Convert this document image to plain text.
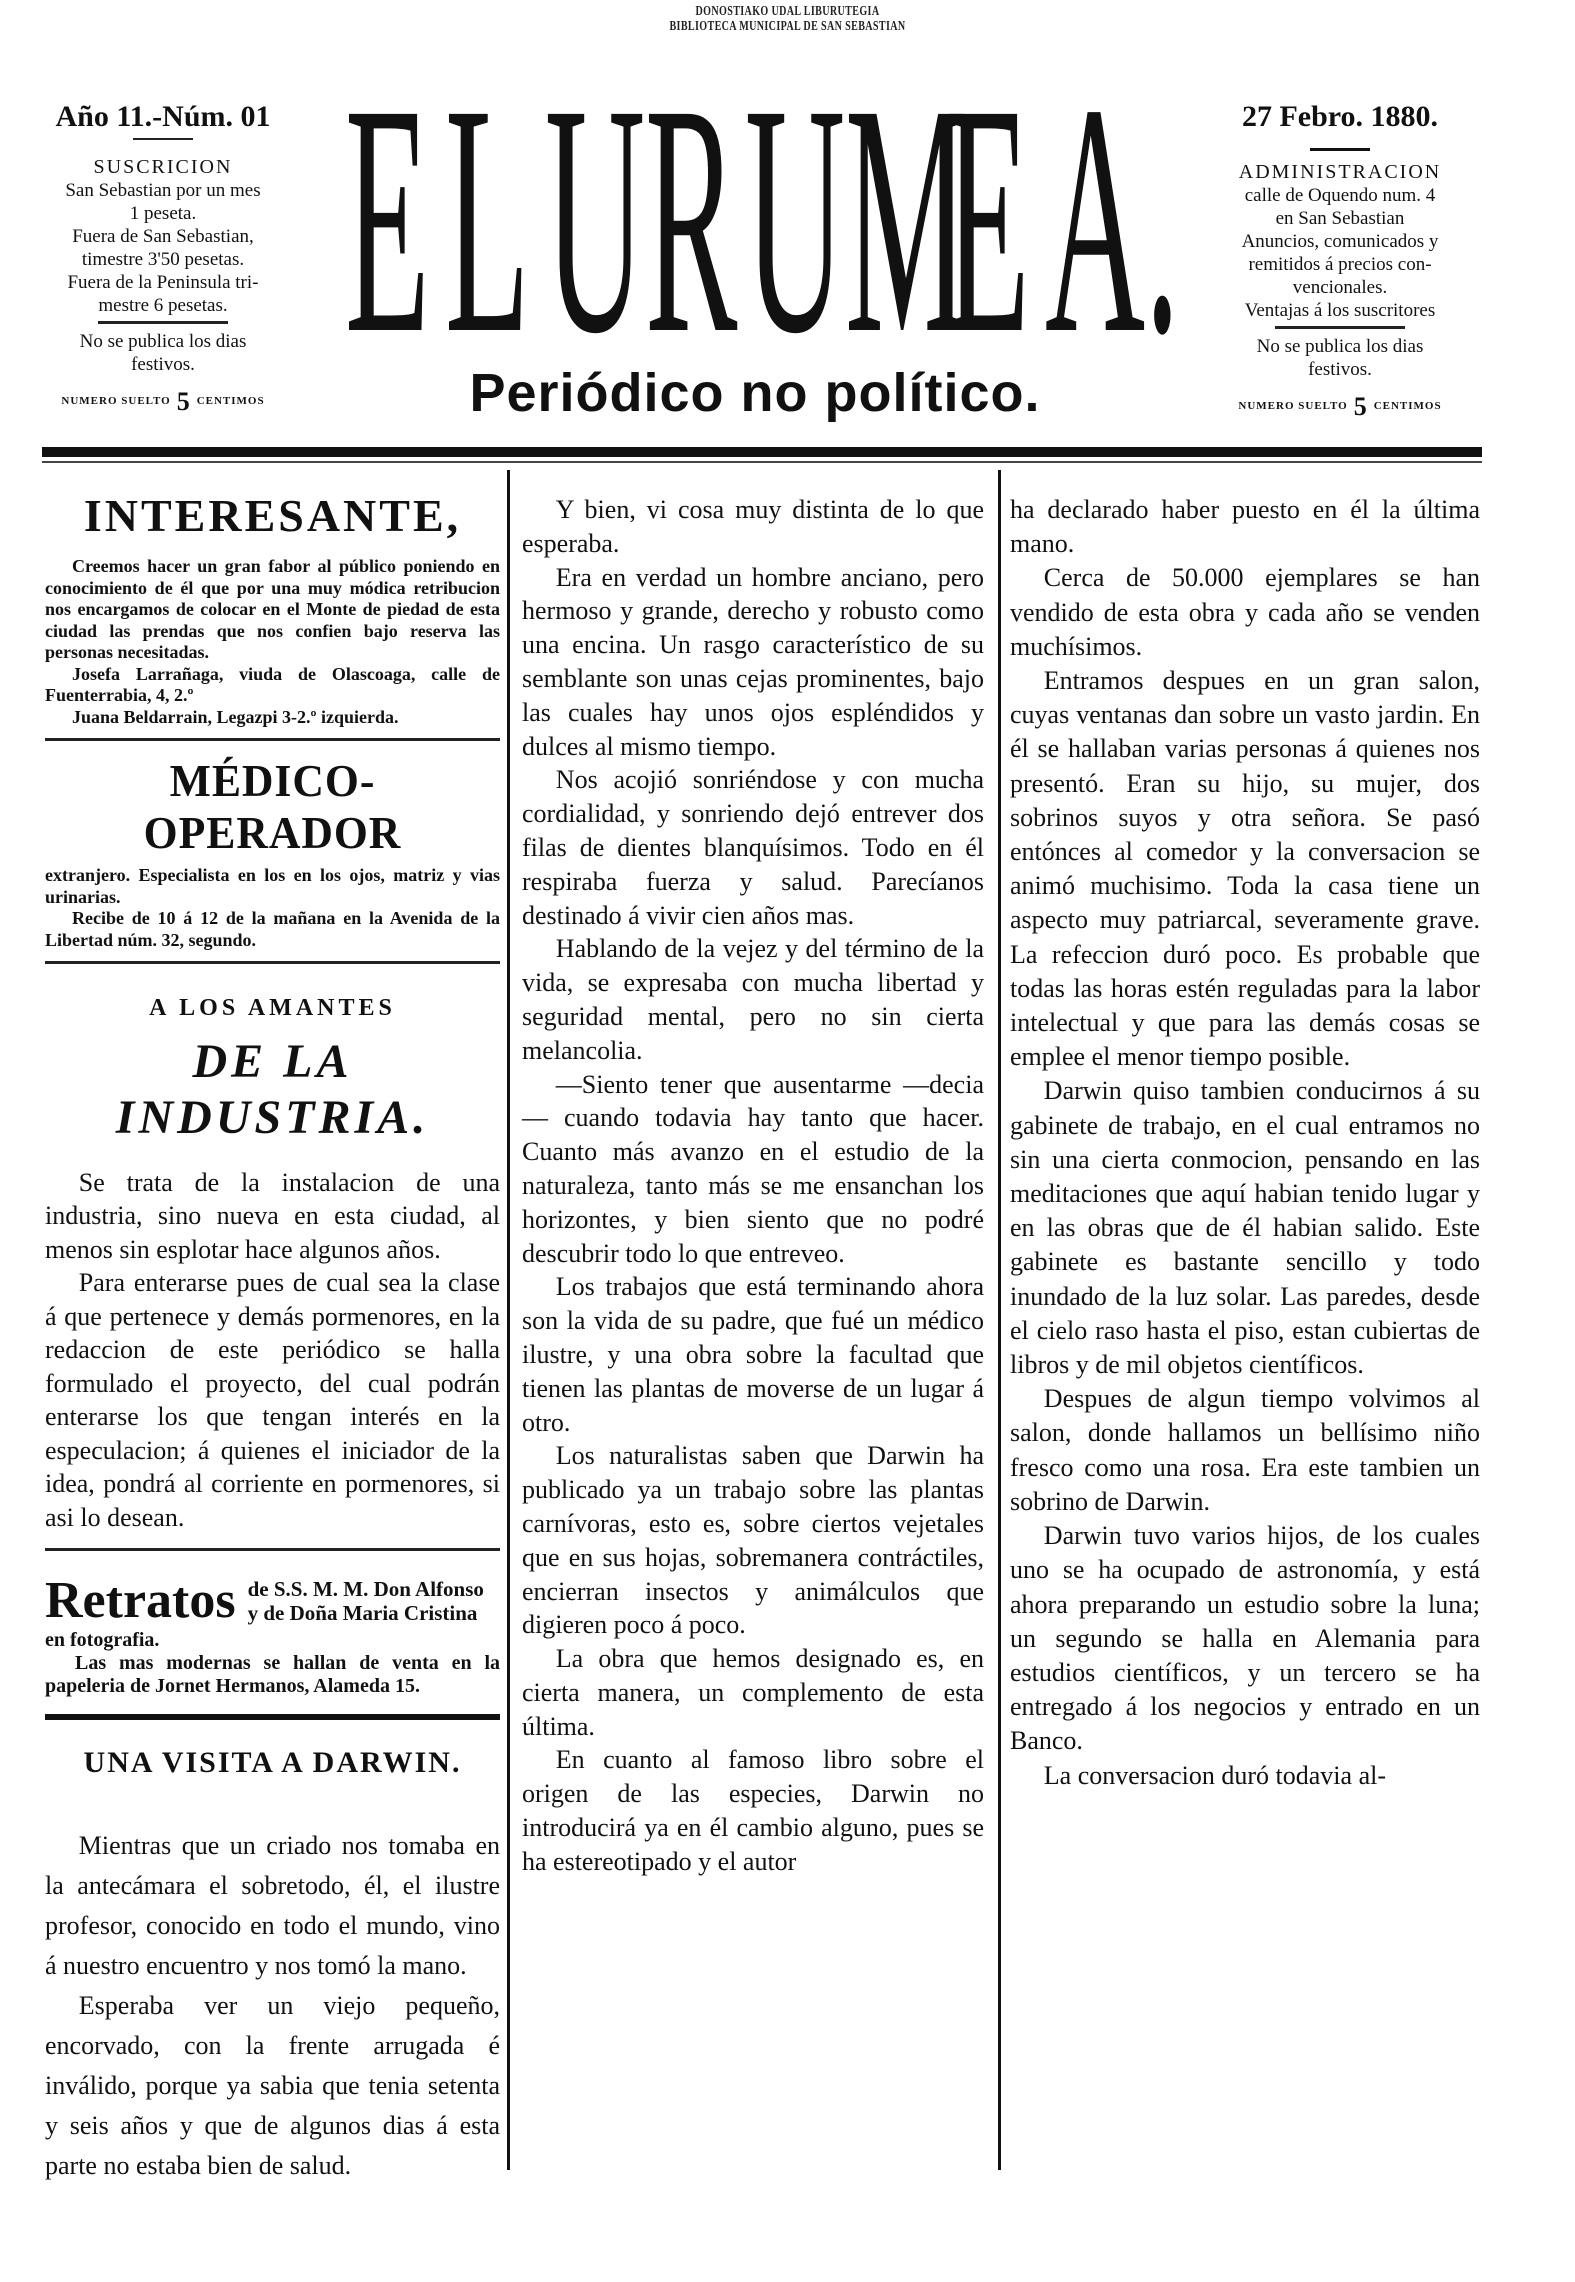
DONOSTIAKO UDAL LIBURUTEGIA
BIBLIOTECA MUNICIPAL DE SAN SEBASTIAN
Año 11.-Núm. 01
SUSCRICION

San Sebastian por un mes

1 peseta.

Fuera de San Sebastian,

timestre 3'50 pesetas.

Fuera de la Peninsula tri-

mestre 6 pesetas.

No se publica los dias

festivos.

NUMERO SUELTO 5 CENTIMOS E L U R U M
E A .
Periódico no político.
27 Febro. 1880.
ADMINISTRACION

calle de Oquendo num. 4

en San Sebastian

Anuncios, comunicados y

remitidos á precios con-

vencionales.

Ventajas á los suscritores

No se publica los dias

festivos.

NUMERO SUELTO 5 CENTIMOS
INTERESANTE,

Creemos hacer un gran fabor al público poniendo en conocimiento de él que por una muy módica retribucion nos encargamos de colocar en el Monte de piedad de esta ciudad las prendas que nos confien bajo reserva las personas necesitadas.

Josefa Larrañaga, viuda de Olascoaga, calle de Fuenterrabia, 4, 2.º

Juana Beldarrain, Legazpi 3-2.º izquierda.

MÉDICO-OPERADOR

extranjero. Especialista en los en los ojos, matriz y vias urinarias.

Recibe de 10 á 12 de la mañana en la Avenida de la Libertad núm. 32, segundo.

A LOS AMANTES
DE LA INDUSTRIA.

Se trata de la instalacion de una industria, sino nueva en esta ciudad, al menos sin esplotar hace algunos años.

Para enterarse pues de cual sea la clase á que pertenece y demás pormenores, en la redaccion de este periódico se halla formulado el proyecto, del cual podrán enterarse los que tengan interés en la especulacion; á quienes el iniciador de la idea, pondrá al corriente en pormenores, si asi lo desean.

Retratos de S.S. M. M. Don Alfonso
y de Doña Maria Cristina

en fotografia.

Las mas modernas se hallan de venta en la papeleria de Jornet Hermanos, Alameda 15.

UNA VISITA A DARWIN.

Mientras que un criado nos tomaba en la antecámara el sobretodo, él, el ilustre profesor, conocido en todo el mundo, vino á nuestro encuentro y nos tomó la mano.

Esperaba ver un viejo pequeño, encorvado, con la frente arrugada é inválido, porque ya sabia que tenia setenta y seis años y que de algunos dias á esta parte no estaba bien de salud.

Y bien, vi cosa muy distinta de lo que esperaba.

Era en verdad un hombre anciano, pero hermoso y grande, derecho y robusto como una encina. Un rasgo característico de su semblante son unas cejas prominentes, bajo las cuales hay unos ojos espléndidos y dulces al mismo tiempo.

Nos acojió sonriéndose y con mucha cordialidad, y sonriendo dejó entrever dos filas de dientes blanquísimos. Todo en él respiraba fuerza y salud. Parecíanos destinado á vivir cien años mas.

Hablando de la vejez y del término de la vida, se expresaba con mucha libertad y seguridad mental, pero no sin cierta melancolia.

—Siento tener que ausentarme —decia— cuando todavia hay tanto que hacer. Cuanto más avanzo en el estudio de la naturaleza, tanto más se me ensanchan los horizontes, y bien siento que no podré descubrir todo lo que entreveo.

Los trabajos que está terminando ahora son la vida de su padre, que fué un médico ilustre, y una obra sobre la facultad que tienen las plantas de moverse de un lugar á otro.

Los naturalistas saben que Darwin ha publicado ya un trabajo sobre las plantas carnívoras, esto es, sobre ciertos vejetales que en sus hojas, sobremanera contráctiles, encierran insectos y animálculos que digieren poco á poco.

La obra que hemos designado es, en cierta manera, un complemento de esta última.

En cuanto al famoso libro sobre el origen de las especies, Darwin no introducirá ya en él cambio alguno, pues se ha estereotipado y el autor

ha declarado haber puesto en él la última mano.

Cerca de 50.000 ejemplares se han vendido de esta obra y cada año se venden muchísimos.

Entramos despues en un gran salon, cuyas ventanas dan sobre un vasto jardin. En él se hallaban varias personas á quienes nos presentó. Eran su hijo, su mujer, dos sobrinos suyos y otra señora. Se pasó entónces al comedor y la conversacion se animó muchisimo. Toda la casa tiene un aspecto muy patriarcal, severamente grave. La refeccion duró poco. Es probable que todas las horas estén reguladas para la labor intelectual y que para las demás cosas se emplee el menor tiempo posible.

Darwin quiso tambien conducirnos á su gabinete de trabajo, en el cual entramos no sin una cierta conmocion, pensando en las meditaciones que aquí habian tenido lugar y en las obras que de él habian salido. Este gabinete es bastante sencillo y todo inundado de la luz solar. Las paredes, desde el cielo raso hasta el piso, estan cubiertas de libros y de mil objetos científicos.

Despues de algun tiempo volvimos al salon, donde hallamos un bellísimo niño fresco como una rosa. Era este tambien un sobrino de Darwin.

Darwin tuvo varios hijos, de los cuales uno se ha ocupado de astronomía, y está ahora preparando un estudio sobre la luna; un segundo se halla en Alemania para estudios científicos, y un tercero se ha entregado á los negocios y entrado en un Banco.

La conversacion duró todavia al-
